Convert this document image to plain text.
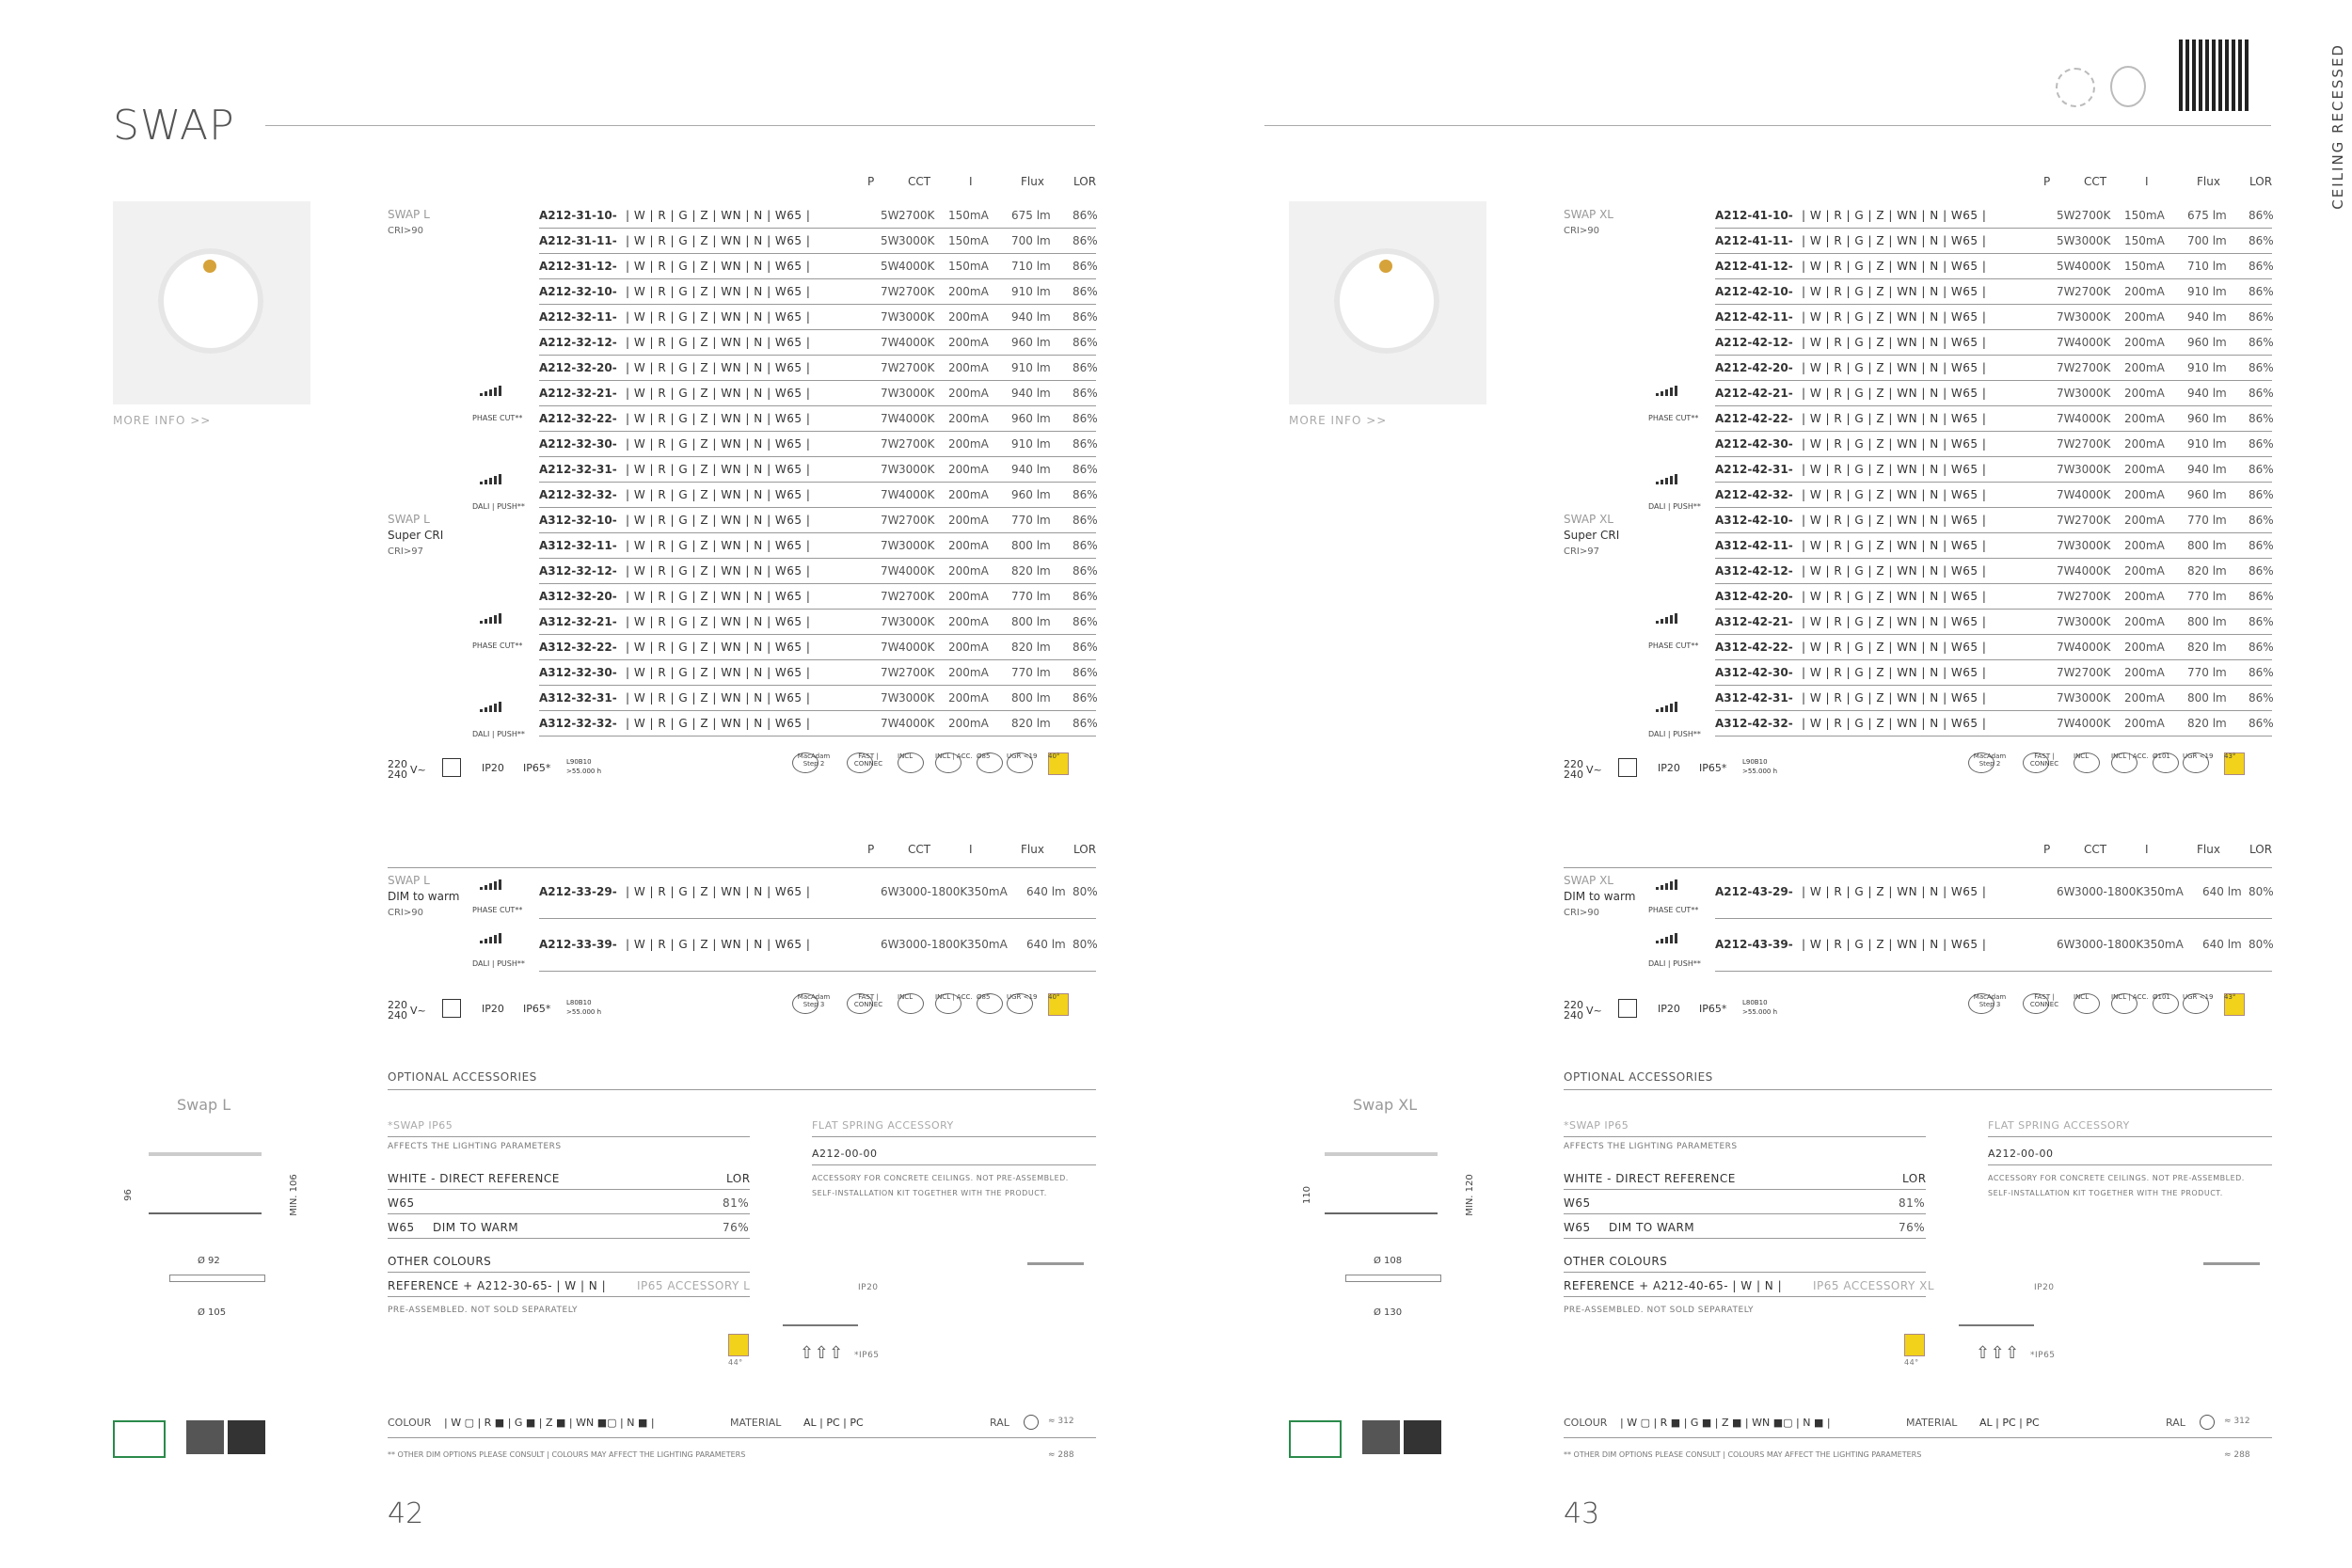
SWAP
MORE INFO >>
P	CCT	I	Flux	LOR
A212-31-10- | W | R | G | Z | WN | N | W65 |	5W 2700K 150mA 675 lm 86%
A212-31-11- | W | R | G | Z | WN | N | W65 |	5W 3000K 150mA 700 lm 86%
A212-31-12- | W | R | G | Z | WN | N | W65 |	5W 4000K 150mA 710 lm 86%
A212-32-10- | W | R | G | Z | WN | N | W65 |	7W 2700K 200mA 910 lm 86%
A212-32-11- | W | R | G | Z | WN | N | W65 |	7W 3000K 200mA 940 lm 86%
A212-32-12- | W | R | G | Z | WN | N | W65 |	7W 4000K 200mA 960 lm 86%
A212-32-20- | W | R | G | Z | WN | N | W65 |	7W 2700K 200mA 910 lm 86%
A212-32-21- | W | R | G | Z | WN | N | W65 |	7W 3000K 200mA 940 lm 86%
A212-32-22- | W | R | G | Z | WN | N | W65 |	7W 4000K 200mA 960 lm 86%
A212-32-30- | W | R | G | Z | WN | N | W65 |	7W 2700K 200mA 910 lm 86%
A212-32-31- | W | R | G | Z | WN | N | W65 |	7W 3000K 200mA 940 lm 86%
A212-32-32- | W | R | G | Z | WN | N | W65 |	7W 4000K 200mA 960 lm 86%
A312-32-10- | W | R | G | Z | WN | N | W65 |	7W 2700K 200mA 770 lm 86%
A312-32-11- | W | R | G | Z | WN | N | W65 |	7W 3000K 200mA 800 lm 86%
A312-32-12- | W | R | G | Z | WN | N | W65 |	7W 4000K 200mA 820 lm 86%
A312-32-20- | W | R | G | Z | WN | N | W65 |	7W 2700K 200mA 770 lm 86%
A312-32-21- | W | R | G | Z | WN | N | W65 |	7W 3000K 200mA 800 lm 86%
A312-32-22- | W | R | G | Z | WN | N | W65 |	7W 4000K 200mA 820 lm 86%
A312-32-30- | W | R | G | Z | WN | N | W65 |	7W 2700K 200mA 770 lm 86%
A312-32-31- | W | R | G | Z | WN | N | W65 |	7W 3000K 200mA 800 lm 86%
A312-32-32- | W | R | G | Z | WN | N | W65 |	7W 4000K 200mA 820 lm 86%
SWAP L
CRI>90
SWAP L
Super CRI
CRI>97
PHASE CUT**
DALI | PUSH**
PHASE CUT**
DALI | PUSH**
220
240 V~	IP20 IP65* L90B10
>55.000 h
MacAdam Step 2
FAST | CONNEC
INCL	INCL | ACC. Ø85	UGR <19 40°
P	CCT	I	Flux	LOR
A212-33-29- | W | R | G | Z | WN | N | W65 |	6W 3000-1800K 350mA 640 lm 80%
A212-33-39- | W | R | G | Z | WN | N | W65 |	6W 3000-1800K 350mA 640 lm 80%
SWAP L
DIM to warm
CRI>90	PHASE CUT**
DALI | PUSH**
220
240 V~	IP20 IP65* L80B10
>55.000 h
MacAdam Step 3
FAST | CONNEC
INCL	INCL | ACC. Ø85	UGR <19 40°
OPTIONAL ACCESSORIES
*SWAP IP65
AFFECTS THE LIGHTING PARAMETERS
WHITE - DIRECT REFERENCE	LOR
W65	81%
W65 DIM TO WARM	76%
OTHER COLOURS
REFERENCE + A212-30-65- | W | N |	IP65 ACCESSORY L
PRE-ASSEMBLED. NOT SOLD SEPARATELY
44°
FLAT SPRING ACCESSORY
A212-00-00
ACCESSORY FOR CONCRETE CEILINGS. NOT PRE-ASSEMBLED.
SELF-INSTALLATION KIT TOGETHER WITH THE PRODUCT.
IP20
⇧⇧⇧ *IP65
Swap L
96	MIN. 106
Ø 92
Ø 105
COLOUR | W ▢ | R ■ | G ■ | Z ■ | WN ■▢ | N ■ |	MATERIAL AL | PC | PC	RAL	≈ 312
** OTHER DIM OPTIONS PLEASE CONSULT | COLOURS MAY AFFECT THE LIGHTING PARAMETERS	≈ 288
42
CEILING RECESSED
MORE INFO >>
P	CCT	I	Flux	LOR
A212-41-10- | W | R | G | Z | WN | N | W65 |	5W 2700K 150mA 675 lm 86%
A212-41-11- | W | R | G | Z | WN | N | W65 |	5W 3000K 150mA 700 lm 86%
A212-41-12- | W | R | G | Z | WN | N | W65 |	5W 4000K 150mA 710 lm 86%
A212-42-10- | W | R | G | Z | WN | N | W65 |	7W 2700K 200mA 910 lm 86%
A212-42-11- | W | R | G | Z | WN | N | W65 |	7W 3000K 200mA 940 lm 86%
A212-42-12- | W | R | G | Z | WN | N | W65 |	7W 4000K 200mA 960 lm 86%
A212-42-20- | W | R | G | Z | WN | N | W65 |	7W 2700K 200mA 910 lm 86%
A212-42-21- | W | R | G | Z | WN | N | W65 |	7W 3000K 200mA 940 lm 86%
A212-42-22- | W | R | G | Z | WN | N | W65 |	7W 4000K 200mA 960 lm 86%
A212-42-30- | W | R | G | Z | WN | N | W65 |	7W 2700K 200mA 910 lm 86%
A212-42-31- | W | R | G | Z | WN | N | W65 |	7W 3000K 200mA 940 lm 86%
A212-42-32- | W | R | G | Z | WN | N | W65 |	7W 4000K 200mA 960 lm 86%
A312-42-10- | W | R | G | Z | WN | N | W65 |	7W 2700K 200mA 770 lm 86%
A312-42-11- | W | R | G | Z | WN | N | W65 |	7W 3000K 200mA 800 lm 86%
A312-42-12- | W | R | G | Z | WN | N | W65 |	7W 4000K 200mA 820 lm 86%
A312-42-20- | W | R | G | Z | WN | N | W65 |	7W 2700K 200mA 770 lm 86%
A312-42-21- | W | R | G | Z | WN | N | W65 |	7W 3000K 200mA 800 lm 86%
A312-42-22- | W | R | G | Z | WN | N | W65 |	7W 4000K 200mA 820 lm 86%
A312-42-30- | W | R | G | Z | WN | N | W65 |	7W 2700K 200mA 770 lm 86%
A312-42-31- | W | R | G | Z | WN | N | W65 |	7W 3000K 200mA 800 lm 86%
A312-42-32- | W | R | G | Z | WN | N | W65 |	7W 4000K 200mA 820 lm 86%
SWAP XL
CRI>90
SWAP XL
Super CRI
CRI>97
PHASE CUT**
DALI | PUSH**
PHASE CUT**
DALI | PUSH**
220
240 V~	IP20 IP65* L90B10
>55.000 h
MacAdam Step 2
FAST | CONNEC
INCL	INCL | ACC. Ø101 UGR <19 43°
P	CCT	I	Flux	LOR
A212-43-29- | W | R | G | Z | WN | N | W65 |	6W 3000-1800K 350mA 640 lm 80%
A212-43-39- | W | R | G | Z | WN | N | W65 |	6W 3000-1800K 350mA 640 lm 80%
SWAP XL
DIM to warm
CRI>90	PHASE CUT**
DALI | PUSH**
220
240 V~	IP20 IP65* L80B10
>55.000 h
MacAdam Step 3
FAST | CONNEC
INCL	INCL | ACC. Ø101 UGR <19 43°
OPTIONAL ACCESSORIES
*SWAP IP65
AFFECTS THE LIGHTING PARAMETERS
WHITE - DIRECT REFERENCE	LOR
W65	81%
W65 DIM TO WARM	76%
OTHER COLOURS
REFERENCE + A212-40-65- | W | N |	IP65 ACCESSORY XL
PRE-ASSEMBLED. NOT SOLD SEPARATELY
44°
FLAT SPRING ACCESSORY
A212-00-00
ACCESSORY FOR CONCRETE CEILINGS. NOT PRE-ASSEMBLED.
SELF-INSTALLATION KIT TOGETHER WITH THE PRODUCT.
IP20
⇧⇧⇧ *IP65
Swap XL
110	MIN. 120
Ø 108
Ø 130
COLOUR | W ▢ | R ■ | G ■ | Z ■ | WN ■▢ | N ■ |	MATERIAL AL | PC | PC	RAL	≈ 312
** OTHER DIM OPTIONS PLEASE CONSULT | COLOURS MAY AFFECT THE LIGHTING PARAMETERS	≈ 288
43
